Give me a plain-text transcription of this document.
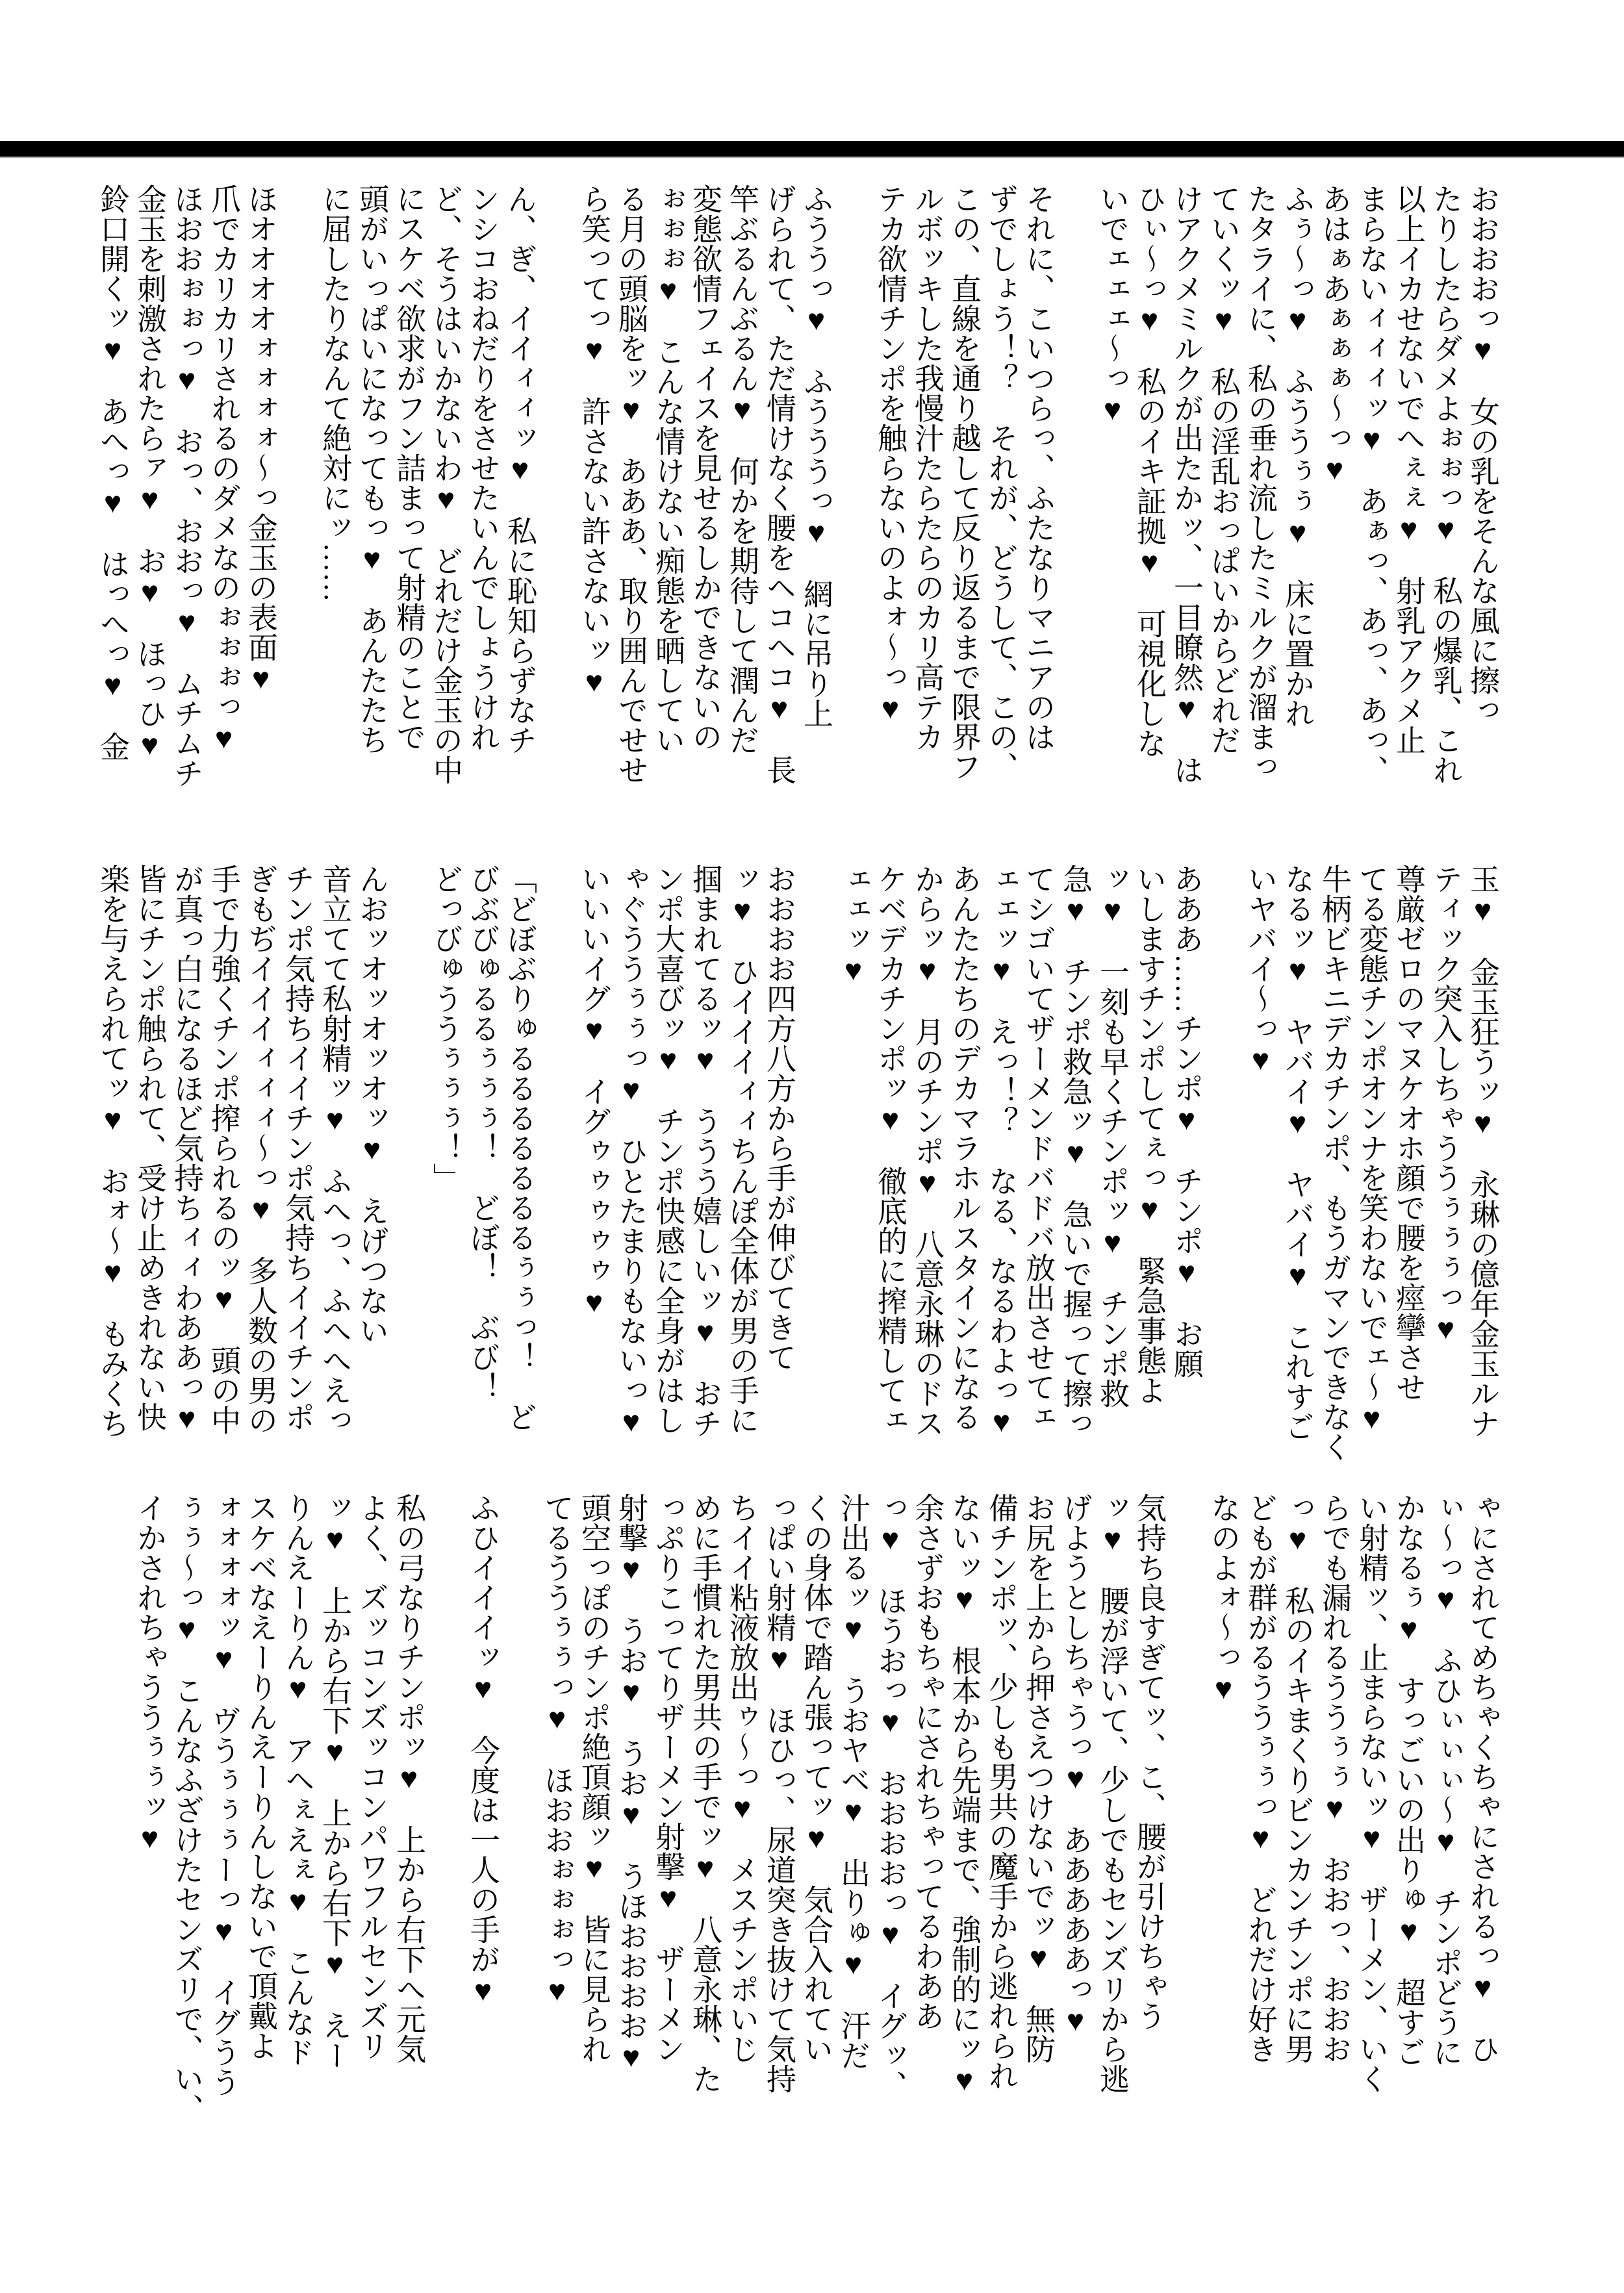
おおおおっ♥　女の乳をそんな風に擦っ

たりしたらダメよぉぉっ♥　私の爆乳、これ

以上イカせないでへぇぇ♥　射乳アクメ止

まらないィィィッ♥　あぁっ、あっ、あっ、

あはぁあぁぁぁ〜っ♥

ふぅ〜っ♥　ふううぅぅ♥　床に置かれ

たタライに、私の垂れ流したミルクが溜まっ

ていくッ♥　私の淫乱おっぱいからどれだ

けアクメミルクが出たかッ、一目瞭然♥　は

ひぃ〜っ♥　私のイキ証拠♥　可視化しな

いでェェェ〜っ♥

それに、こいつらっ、ふたなりマニアのは

ずでしょう！？　それが、どうして、この、

この、直線を通り越して反り返るまで限界フ

ルボッキした我慢汁たらたらのカリ高テカ

テカ欲情チンポを触らないのよォ〜っ♥

ふううっ♥　ふうううっ♥　網に吊り上

げられて、ただ情けなく腰をヘコヘコ♥　長

竿ぶるんぶるん♥　何かを期待して潤んだ

変態欲情フェイスを見せるしかできないの

ぉぉぉ♥　こんな情けない痴態を晒してい

る月の頭脳をッ♥　あああ、取り囲んでせせ

ら笑ってっ♥　許さない許さないッ♥

ん、ぎ、イイィィッ♥　私に恥知らずなチ

ンシコおねだりをさせたいんでしょうけれ

ど、そうはいかないわ♥　どれだけ金玉の中

にスケベ欲求がフン詰まって射精のことで

頭がいっぱいになってもっ♥　あんたたち

に屈したりなんて絶対にッ……

ほオオオオォォォォ〜っ金玉の表面♥

爪でカリカリされるのダメなのぉぉぉっ♥

ほおおぉぉっ♥　おっ、おおっ♥　ムチムチ

金玉を刺激されたらァ♥　お♥　ほっひ♥

鈴口開くッ♥　あへっ♥　はっへっ♥　金

玉♥　金玉狂うッ♥　永琳の億年金玉ルナ

ティック突入しちゃううぅぅぅっ♥

尊厳ゼロのマヌケオホ顔で腰を痙攣させ

てる変態チンポオンナを笑わないでェ〜♥

牛柄ビキニデカチンポ、もうガマンできなく

なるッ♥　ヤバイ♥　ヤバイ♥　これすご

いヤバイ〜っ♥

あああ……チンポ♥　チンポ♥　お願

いしますチンポしてぇっ♥　緊急事態よ

ッ♥　一刻も早くチンポッ♥　チンポ救

急♥　チンポ救急ッ♥　急いで握って擦っ

てシゴいてザーメンドバドバ放出させてェ

ェェッ♥　えっ！？　なる、なるわよっ♥

あんたたちのデカマラホルスタインになる

からッ♥　月のチンポ♥　八意永琳のドス

ケベデカチンポッ♥　徹底的に搾精してェ

ェェッ♥

おおおお四方八方から手が伸びてきて

ッ♥　ひイイイィィちんぽ全体が男の手に

掴まれてるッ♥　ううう嬉しいッ♥　おチ

ンポ大喜びッ♥　チンポ快感に全身がはし

ゃぐううぅぅっ♥　ひとたまりもないっ♥

いいいイグ♥　イグゥゥゥゥゥ♥

「どぼぶりゅるるるるるるるぅぅっ！　ど

びぶびゅるるぅぅぅ！　どぼ！　ぶび！

どっびゅううぅぅぅ！」

んおッオッオッオッ♥　えげつない

音立てて私射精ッ♥　ふへっ、ふへへえっ

チンポ気持ちイイチンポ気持ちイイチンポ

ぎもぢイイイィィィ〜っ♥　多人数の男の

手で力強くチンポ搾られるのッ♥　頭の中

が真っ白になるほど気持ちィィわああっ♥

皆にチンポ触られて、受け止めきれない快

楽を与えられてッ♥　おォ〜♥　もみくち

ゃにされてめちゃくちゃにされるっ♥　ひ

ぃ〜っ♥　ふひぃぃぃ〜♥　チンポどうに

かなるぅ♥　すっごいの出りゅ♥　超すご

い射精ッ、止まらないッ♥　ザーメン、いく

らでも漏れるううぅぅ♥　おおっ、おおお

っ♥　私のイキまくりビンカンチンポに男

どもが群がるううぅぅっ♥　どれだけ好き

なのよォ〜っ♥

気持ち良すぎてッ、こ、腰が引けちゃう

ッ♥　腰が浮いて、少しでもセンズリから逃

げようとしちゃうっ♥　あああああっ♥

お尻を上から押さえつけないでッ♥　無防

備チンポッ、少しも男共の魔手から逃れられ

ないッ♥　根本から先端まで、強制的にッ♥

余さずおもちゃにされちゃってるわああ

っ♥　ほうおっ♥　おおおおっ♥　イグッ、

汁出るッ♥　うおヤベ♥　出りゅ♥　汗だ

くの身体で踏ん張ってッ♥　気合入れてい

っぱい射精♥　ほひっ、尿道突き抜けて気持

ちイイ粘液放出ゥ〜っ♥　メスチンポいじ

めに手慣れた男共の手でッ♥　八意永琳、た

っぷりこってりザーメン射撃♥　ザーメン

射撃♥　うお♥　うお♥　うほおおおお♥

頭空っぽのチンポ絶頂顔ッ♥　皆に見られ

てるううぅぅっ♥　ほおおぉぉぉっ♥

ふひイイイッ♥　今度は一人の手が♥

私の弓なりチンポッ♥　上から右下へ元気

よく、ズッコンズッコンパワフルセンズリ

ッ♥　上から右下♥　上から右下♥　えー

りんえーりん♥　アヘぇえぇ♥　こんなド

スケベなえーりんえーりんしないで頂戴よ

ォォォォッ♥　ヴうぅぅぅーっ♥　イグうう

ぅぅ〜っ♥　こんなふざけたセンズリで、い、

イかされちゃううぅぅッ♥
